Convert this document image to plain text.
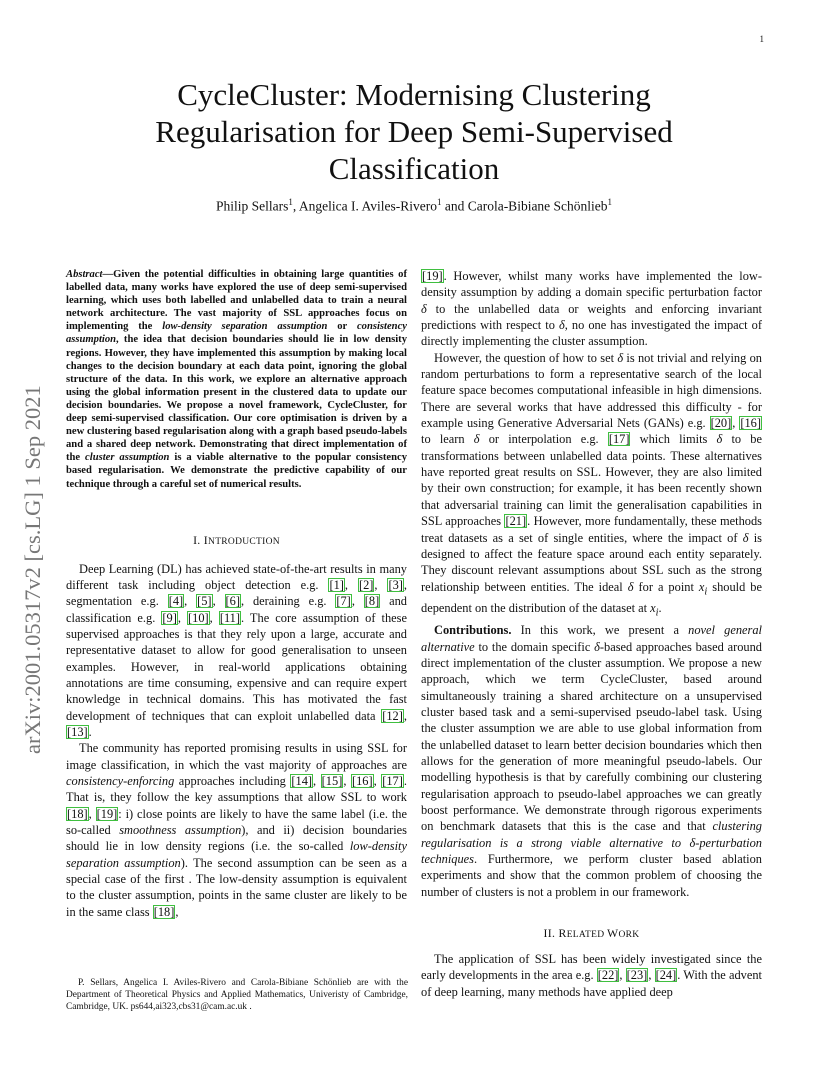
1
CycleCluster: Modernising Clustering
Regularisation for Deep Semi-Supervised
Classification
Philip Sellars$^1$, Angelica I. Aviles-Rivero$^1$ and Carola-Bibiane Schönlieb$^1$
arXiv:2001.05317v2 [cs.LG] 1 Sep 2021

Abstract—Given the potential difficulties in obtaining large quantities of labelled data, many works have explored the use of deep semi-supervised learning, which uses both labelled and unlabelled data to train a neural network architecture. The vast majority of SSL approaches focus on implementing the low-density separation assumption or consistency assumption, the idea that decision boundaries should lie in low density regions. However, they have implemented this assumption by making local changes to the decision boundary at each data point, ignoring the global structure of the data. In this work, we explore an alternative approach using the global information present in the clustered data to update our decision boundaries. We propose a novel framework, CycleCluster, for deep semi-supervised classification. Our core optimisation is driven by a new clustering based regularisation along with a graph based pseudo-labels and a shared deep network. Demonstrating that direct implementation of the cluster assumption is a viable alternative to the popular consistency based regularisation. We demonstrate the predictive capability of our technique through a careful set of numerical results.

I. INTRODUCTION

Deep Learning (DL) has achieved state-of-the-art results in many different task including object detection e.g. [1], [2], [3], segmentation e.g. [4], [5], [6], deraining e.g. [7], [8] and classification e.g. [9], [10], [11]. The core assumption of these supervised approaches is that they rely upon a large, accurate and representative dataset to allow for good generalisation to unseen examples. However, in real-world applications obtaining annotations are time consuming, expensive and can require expert knowledge in technical domains. This has motivated the fast development of techniques that can exploit unlabelled data [12], [13].

The community has reported promising results in using SSL for image classification, in which the vast majority of approaches are consistency-enforcing approaches including [14], [15], [16], [17]. That is, they follow the key assumptions that allow SSL to work [18], [19]: i) close points are likely to have the same label (i.e. the so-called smoothness assumption), and ii) decision boundaries should lie in low density regions (i.e. the so-called low-density separation assumption). The second assumption can be seen as a special case of the first . The low-density assumption is equivalent to the cluster assumption, points in the same cluster are likely to be in the same class [18],

P. Sellars, Angelica I. Aviles-Rivero and Carola-Bibiane Schönlieb are with the Department of Theoretical Physics and Applied Mathematics, Univeristy of Cambridge, Cambridge, UK. ps644,ai323,cbs31@cam.ac.uk .

[19]. However, whilst many works have implemented the low-density assumption by adding a domain specific perturbation factor δ to the unlabelled data or weights and enforcing invariant predictions with respect to δ, no one has investigated the impact of directly implementing the cluster assumption.

However, the question of how to set δ is not trivial and relying on random perturbations to form a representative search of the local feature space becomes computational infeasible in high dimensions. There are several works that have addressed this difficulty - for example using Generative Adversarial Nets (GANs) e.g. [20], [16] to learn δ or interpolation e.g. [17] which limits δ to be transformations between unlabelled data points. These alternatives have reported great results on SSL. However, they are also limited by their own construction; for example, it has been recently shown that adversarial training can limit the generalisation capabilities in SSL approaches [21]. However, more fundamentally, these methods treat datasets as a set of single entities, where the impact of δ is designed to affect the feature space around each entity separately. They discount relevant assumptions about SSL such as the strong relationship between entities. The ideal δ for a point $x_i$ should be dependent on the distribution of the dataset at $x_i$.

Contributions. In this work, we present a novel general alternative to the domain specific δ-based approaches based around direct implementation of the cluster assumption. We propose a new approach, which we term CycleCluster, based around simultaneously training a shared architecture on a unsupervised cluster based task and a semi-supervised pseudo-label task. Using the cluster assumption we are able to use global information from the unlabelled dataset to learn better decision boundaries which then allows for the generation of more meaningful pseudo-labels. Our modelling hypothesis is that by carefully combining our clustering regularisation approach to pseudo-label approaches we can greatly boost performance. We demonstrate through rigorous experiments on benchmark datasets that this is the case and that clustering regularisation is a strong viable alternative to δ-perturbation techniques. Furthermore, we perform cluster based ablation experiments and show that the common problem of choosing the number of clusters is not a problem in our framework.

II. RELATED WORK

The application of SSL has been widely investigated since the early developments in the area e.g. [22], [23], [24]. With the advent of deep learning, many methods have applied deep
